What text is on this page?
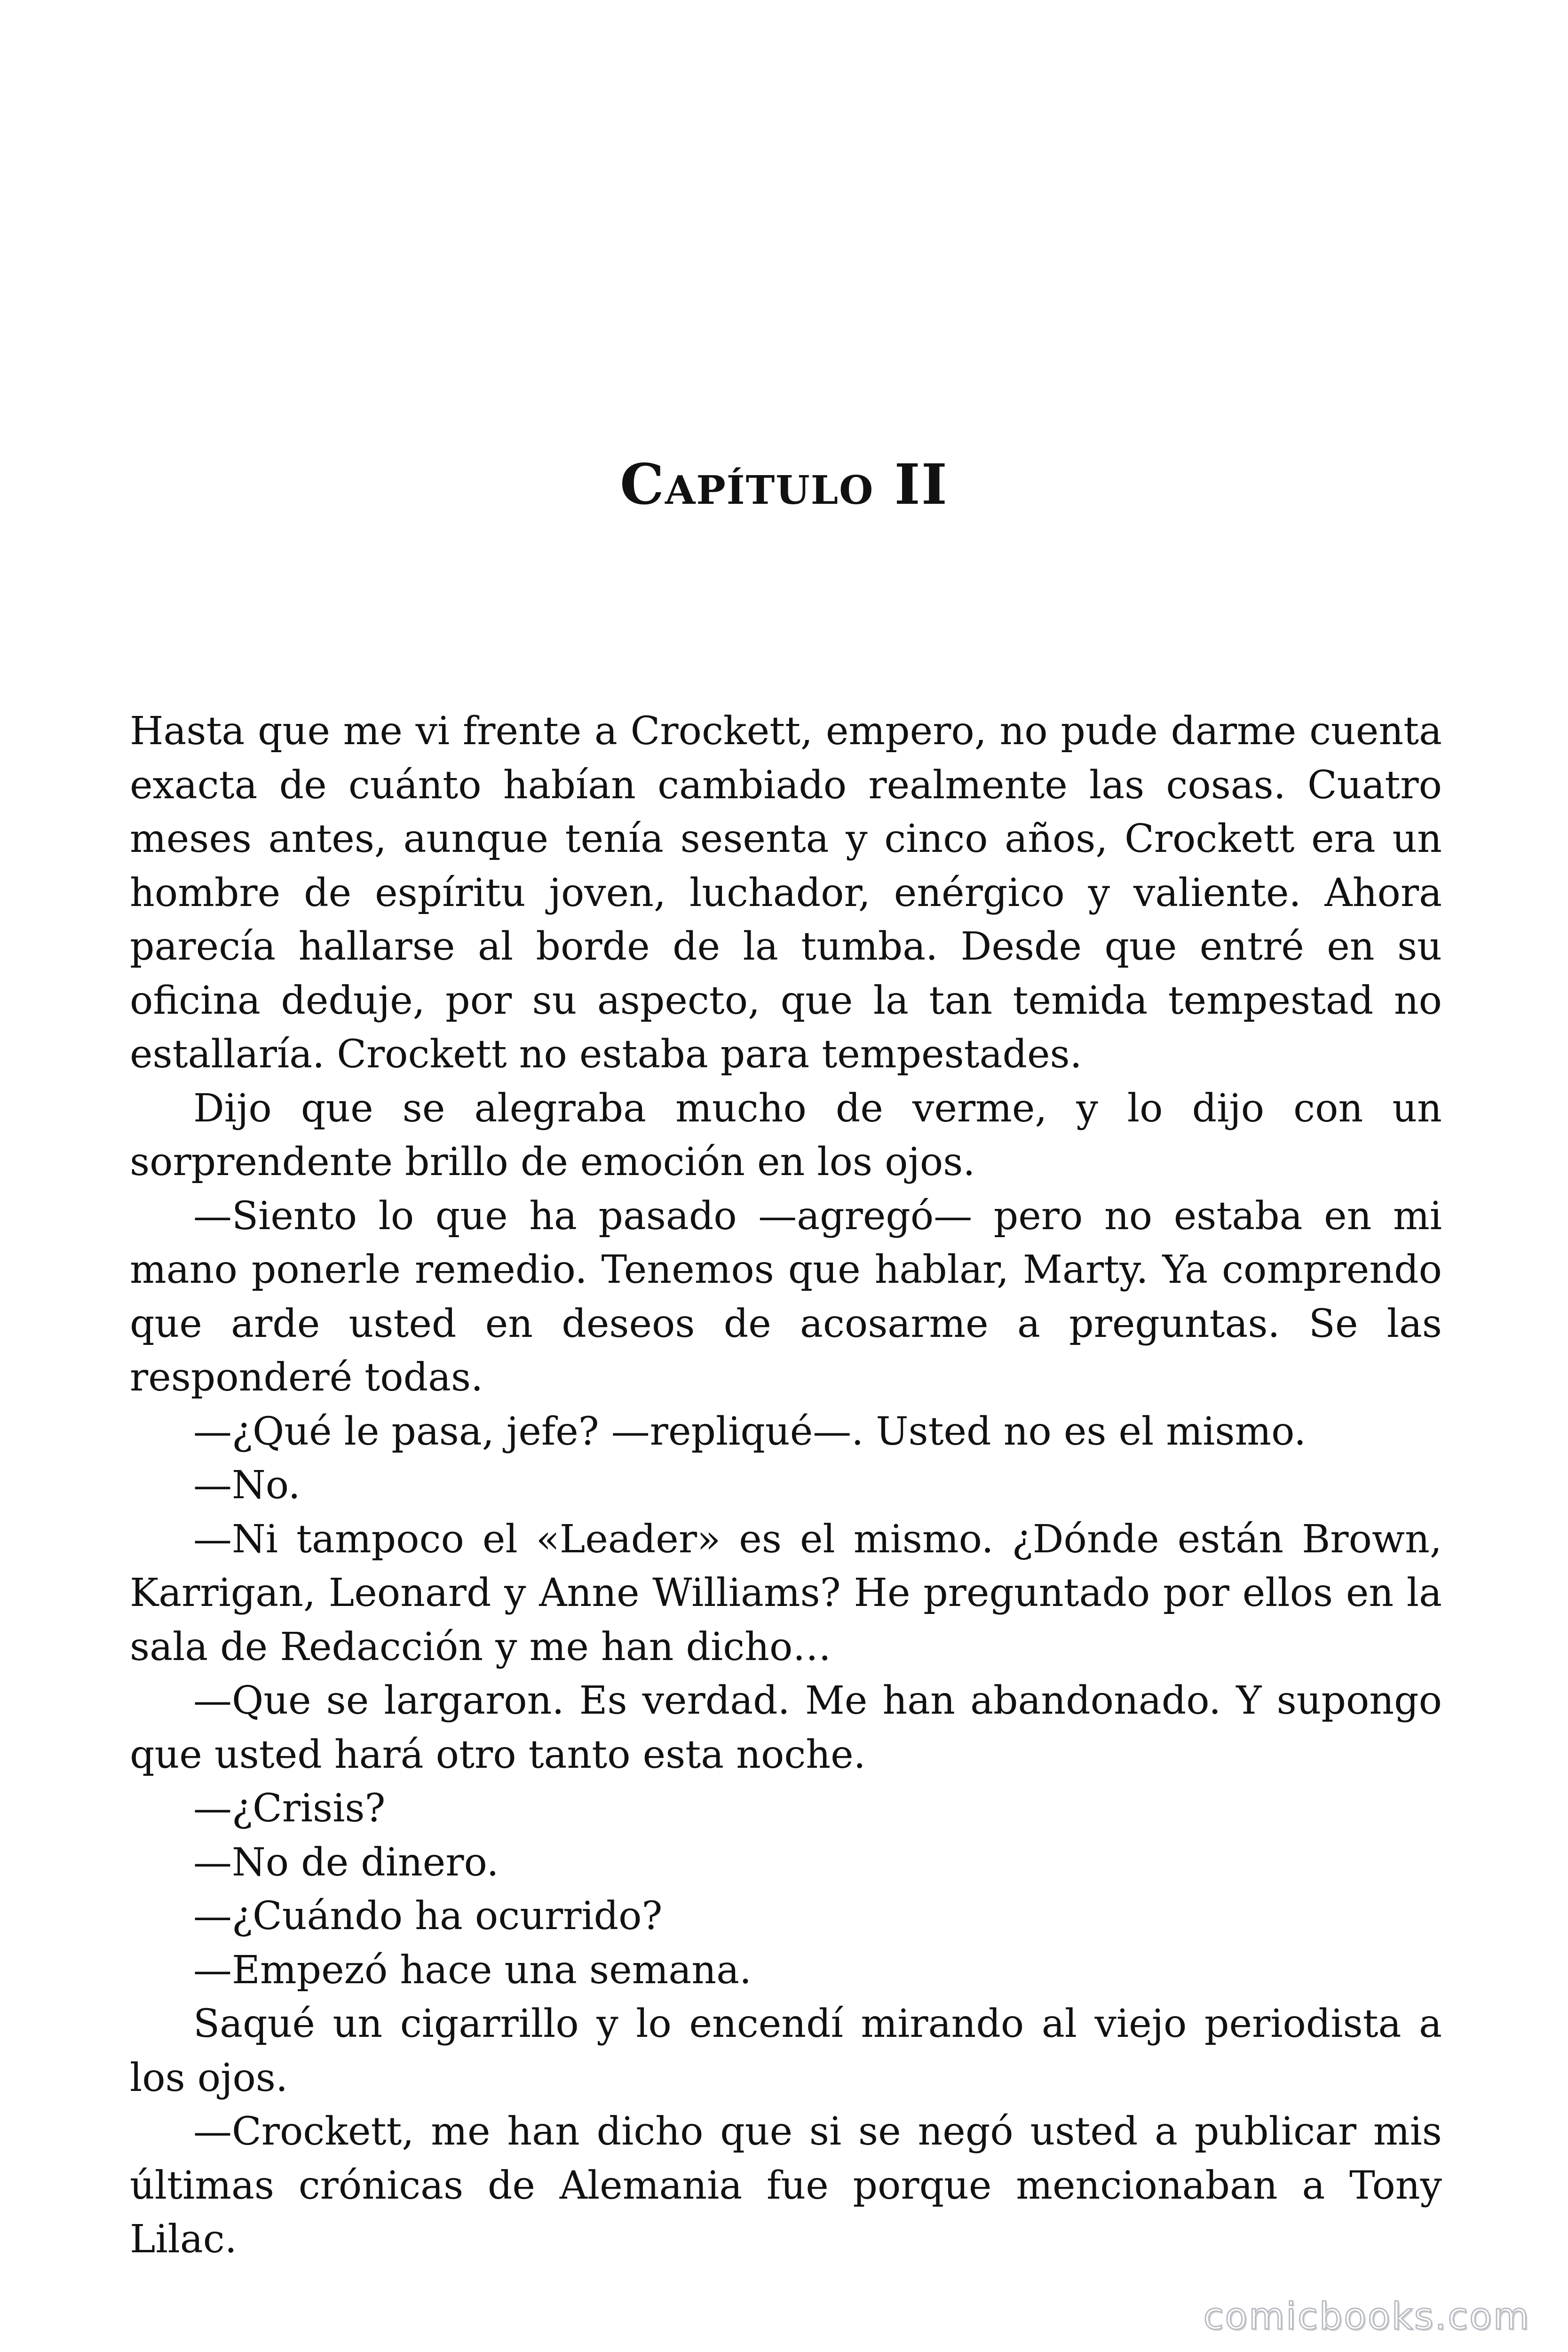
Capítulo II

Hasta que me vi frente a Crockett, empero, no pude darme cuenta exacta de cuánto habían cambiado realmente las cosas. Cuatro meses antes, aunque tenía sesenta y cinco años, Crockett era un hombre de espíritu joven, luchador, enérgico y valiente. Ahora parecía hallarse al borde de la tumba. Desde que entré en su oficina deduje, por su aspecto, que la tan temida tempestad no estallaría. Crockett no estaba para tempestades.

Dijo que se alegraba mucho de verme, y lo dijo con un sorprendente brillo de emoción en los ojos.

—Siento lo que ha pasado —agregó— pero no estaba en mi mano ponerle remedio. Tenemos que hablar, Marty. Ya comprendo que arde usted en deseos de acosarme a preguntas. Se las responderé todas.

—¿Qué le pasa, jefe? —repliqué—. Usted no es el mismo.

—No.

—Ni tampoco el «Leader» es el mismo. ¿Dónde están Brown, Karrigan, Leonard y Anne Williams? He preguntado por ellos en la sala de Redacción y me han dicho…

—Que se largaron. Es verdad. Me han abandonado. Y supongo que usted hará otro tanto esta noche.

—¿Crisis?

—No de dinero.

—¿Cuándo ha ocurrido?

—Empezó hace una semana.

Saqué un cigarrillo y lo encendí mirando al viejo periodista a los ojos.

—Crockett, me han dicho que si se negó usted a publicar mis últimas crónicas de Alemania fue porque mencionaban a Tony Lilac.

comicbooks.com
